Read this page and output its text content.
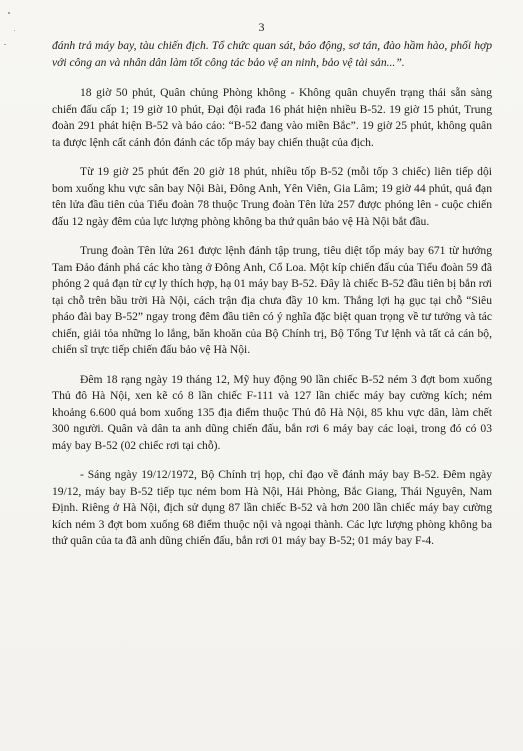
3

đánh trả máy bay, tàu chiến địch. Tổ chức quan sát, báo động, sơ tán, đào hầm hào, phối hợp với công an và nhân dân làm tốt công tác bảo vệ an ninh, bảo vệ tài sản...”.

18 giờ 50 phút, Quân chủng Phòng không - Không quân chuyển trạng thái sẵn sàng chiến đấu cấp 1; 19 giờ 10 phút, Đại đội rađa 16 phát hiện nhiều B-52. 19 giờ 15 phút, Trung đoàn 291 phát hiện B-52 và báo cáo: “B-52 đang vào miền Bắc”. 19 giờ 25 phút, không quân ta được lệnh cất cánh đón đánh các tốp máy bay chiến thuật của địch.

Từ 19 giờ 25 phút đến 20 giờ 18 phút, nhiều tốp B-52 (mỗi tốp 3 chiếc) liên tiếp dội bom xuống khu vực sân bay Nội Bài, Đông Anh, Yên Viên, Gia Lâm; 19 giờ 44 phút, quả đạn tên lửa đầu tiên của Tiểu đoàn 78 thuộc Trung đoàn Tên lửa 257 được phóng lên - cuộc chiến đấu 12 ngày đêm của lực lượng phòng không ba thứ quân bảo vệ Hà Nội bắt đầu.

Trung đoàn Tên lửa 261 được lệnh đánh tập trung, tiêu diệt tốp máy bay 671 từ hướng Tam Đảo đánh phá các kho tàng ở Đông Anh, Cổ Loa. Một kíp chiến đấu của Tiểu đoàn 59 đã phóng 2 quả đạn từ cự ly thích hợp, hạ 01 máy bay B-52. Đây là chiếc B-52 đầu tiên bị bắn rơi tại chỗ trên bầu trời Hà Nội, cách trận địa chưa đầy 10 km. Thắng lợi hạ gục tại chỗ “Siêu pháo đài bay B-52” ngay trong đêm đầu tiên có ý nghĩa đặc biệt quan trọng về tư tưởng và tác chiến, giải tỏa những lo lắng, băn khoăn của Bộ Chính trị, Bộ Tổng Tư lệnh và tất cả cán bộ, chiến sĩ trực tiếp chiến đấu bảo vệ Hà Nội.

Đêm 18 rạng ngày 19 tháng 12, Mỹ huy động 90 lần chiếc B-52 ném 3 đợt bom xuống Thủ đô Hà Nội, xen kẽ có 8 lần chiếc F-111 và 127 lần chiếc máy bay cường kích; ném khoảng 6.600 quả bom xuống 135 địa điểm thuộc Thủ đô Hà Nội, 85 khu vực dân, làm chết 300 người. Quân và dân ta anh dũng chiến đấu, bắn rơi 6 máy bay các loại, trong đó có 03 máy bay B-52 (02 chiếc rơi tại chỗ).

- Sáng ngày 19/12/1972, Bộ Chính trị họp, chỉ đạo về đánh máy bay B-52. Đêm ngày 19/12, máy bay B-52 tiếp tục ném bom Hà Nội, Hải Phòng, Bắc Giang, Thái Nguyên, Nam Định. Riêng ở Hà Nội, địch sử dụng 87 lần chiếc B-52 và hơn 200 lần chiếc máy bay cường kích ném 3 đợt bom xuống 68 điểm thuộc nội và ngoại thành. Các lực lượng phòng không ba thứ quân của ta đã anh dũng chiến đấu, bắn rơi 01 máy bay B-52; 01 máy bay F-4.
